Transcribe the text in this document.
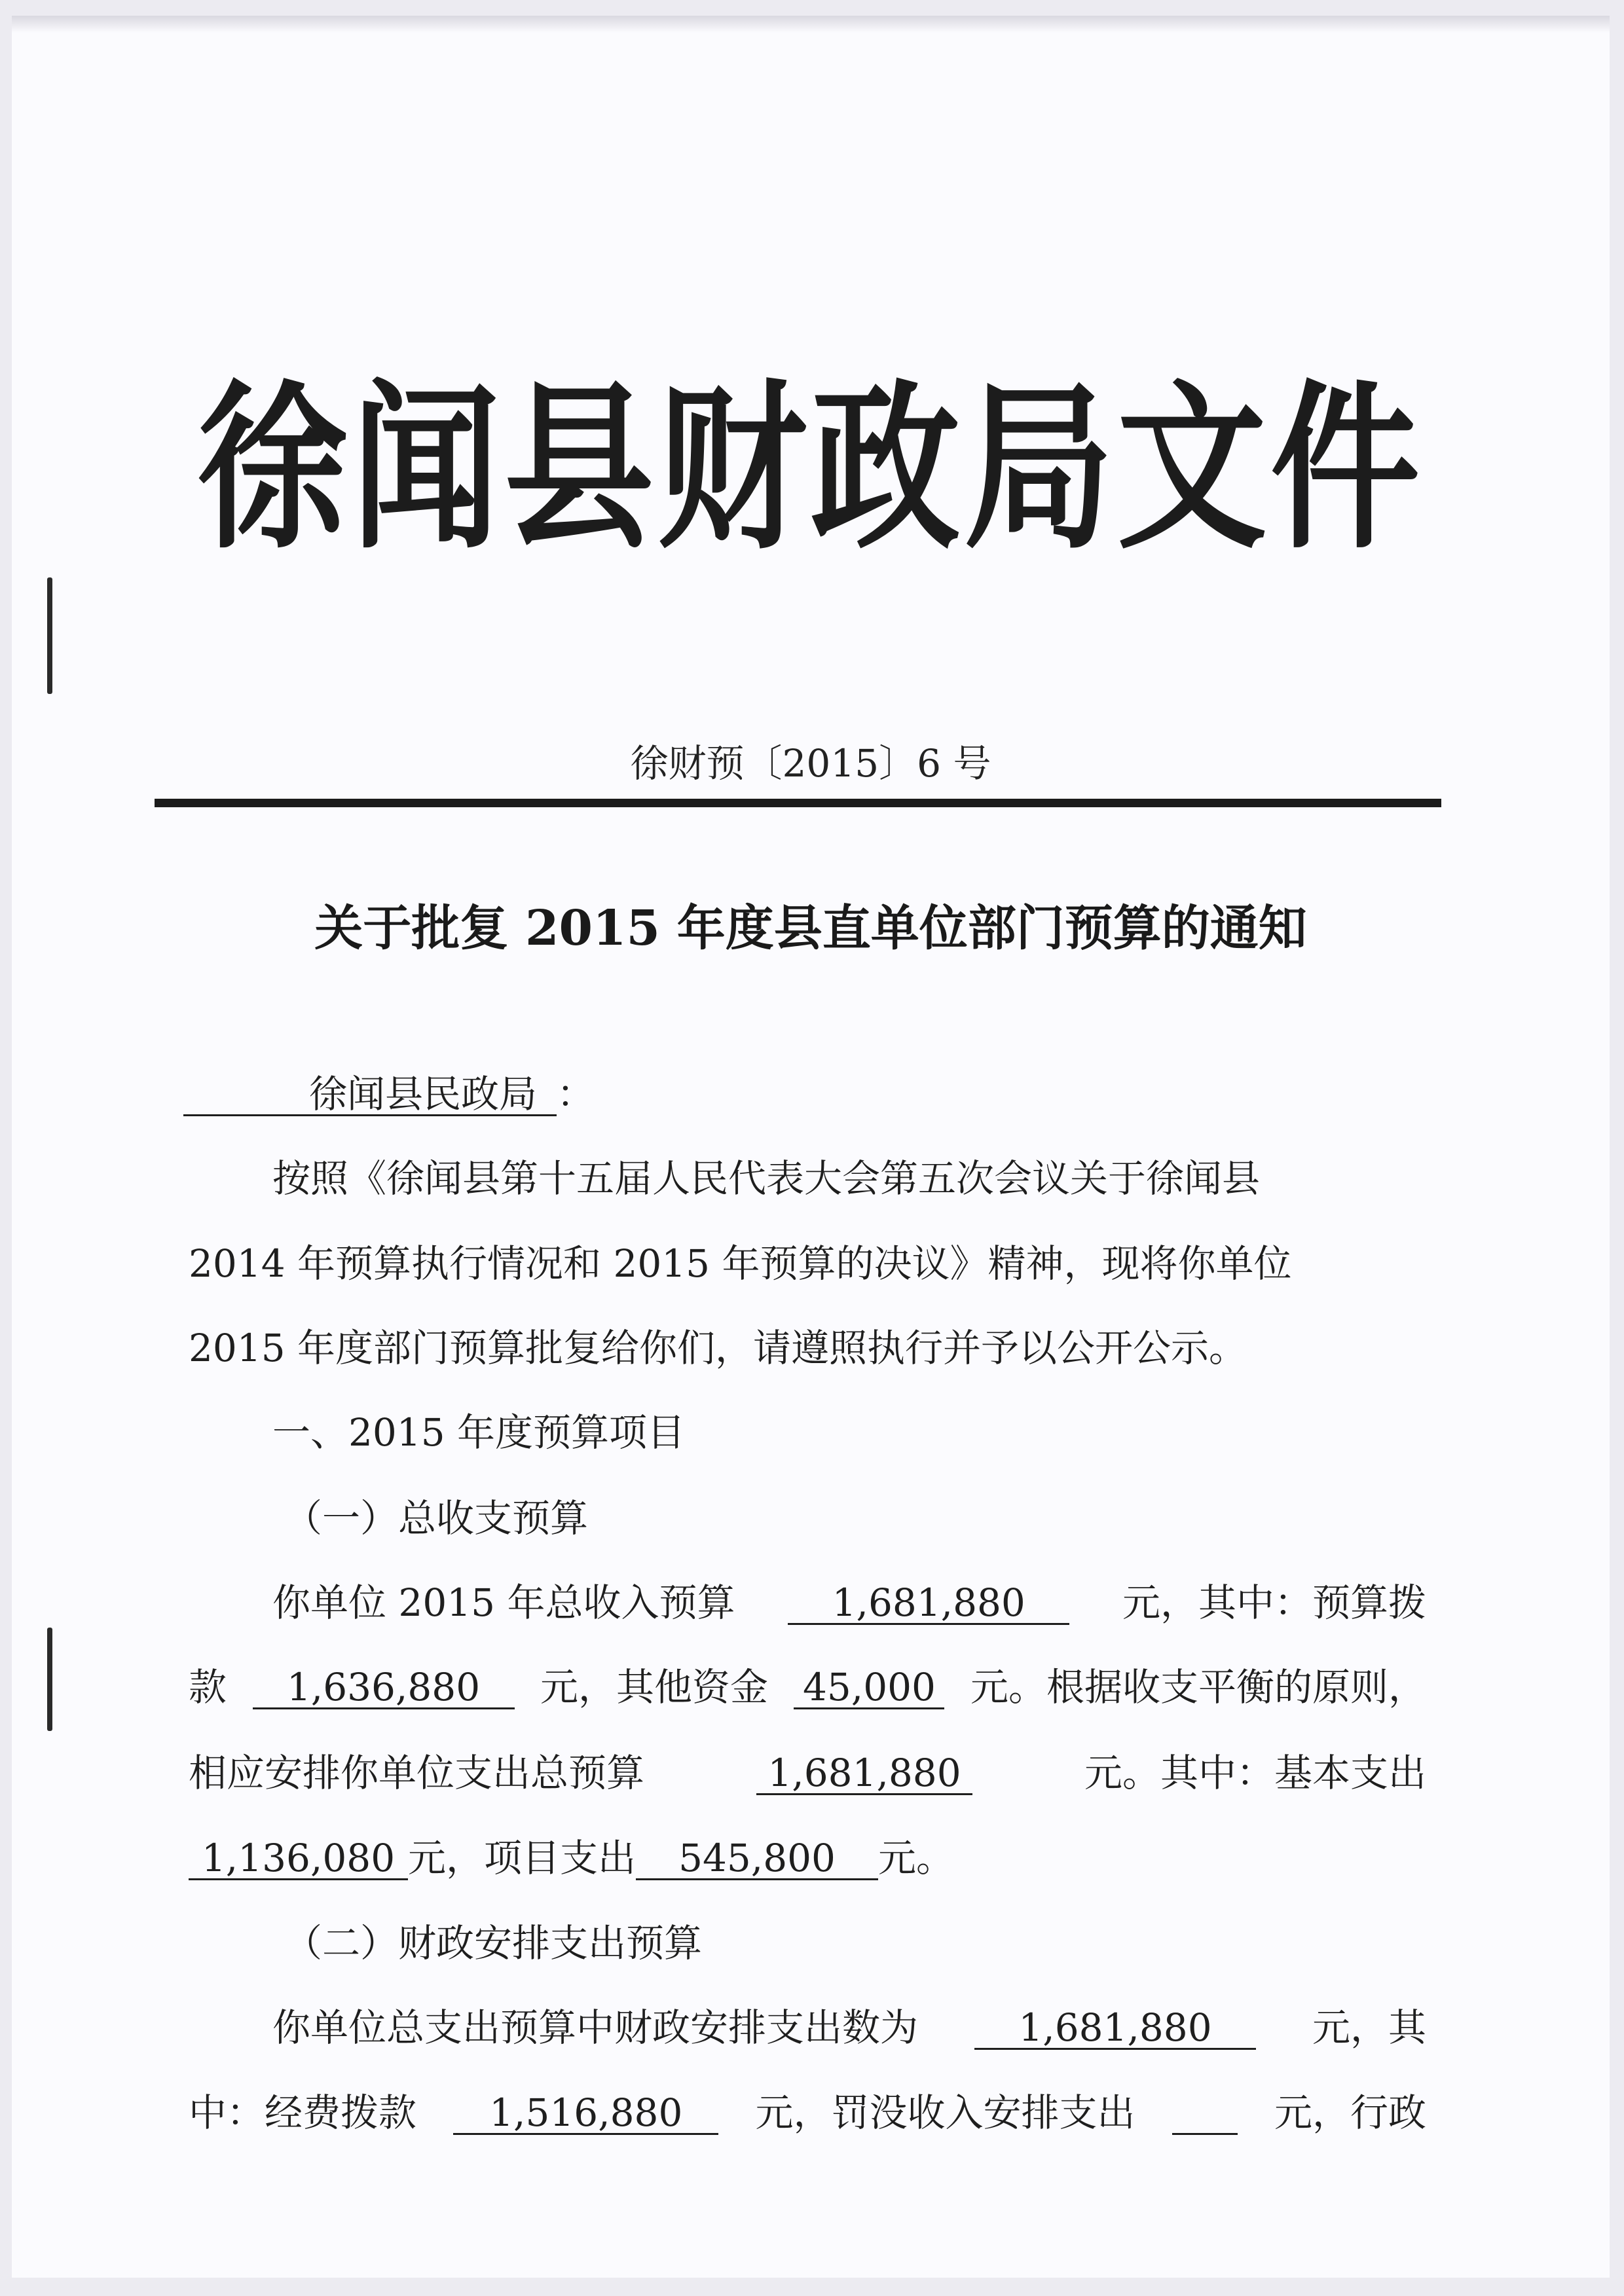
徐闻县财政局文件
徐财预〔2015〕6 号
关于批复 2015 年度县直单位部门预算的通知
徐闻县民政局 ：
按照《徐闻县第十五届人民代表大会第五次会议关于徐闻县
2014 年预算执行情况和 2015 年预算的决议》精神，现将你单位
2015 年度部门预算批复给你们，请遵照执行并予以公开公示。
一、2015 年度预算项目
（一）总收支预算
你单位 2015 年总收入预算	1,681,880	元，其中：预算拨
款	1,636,880	元，其他资金 45,000 元。根据收支平衡的原则，
相应安排你单位支出总预算	1,681,880	元。其中：基本支出
1,136,080 元，项目支出 545,800 元。
（二）财政安排支出预算
你单位总支出预算中财政安排支出数为	1,681,880	元，其
中：经费拨款	1,516,880	元，罚没收入安排支出	元，行政
